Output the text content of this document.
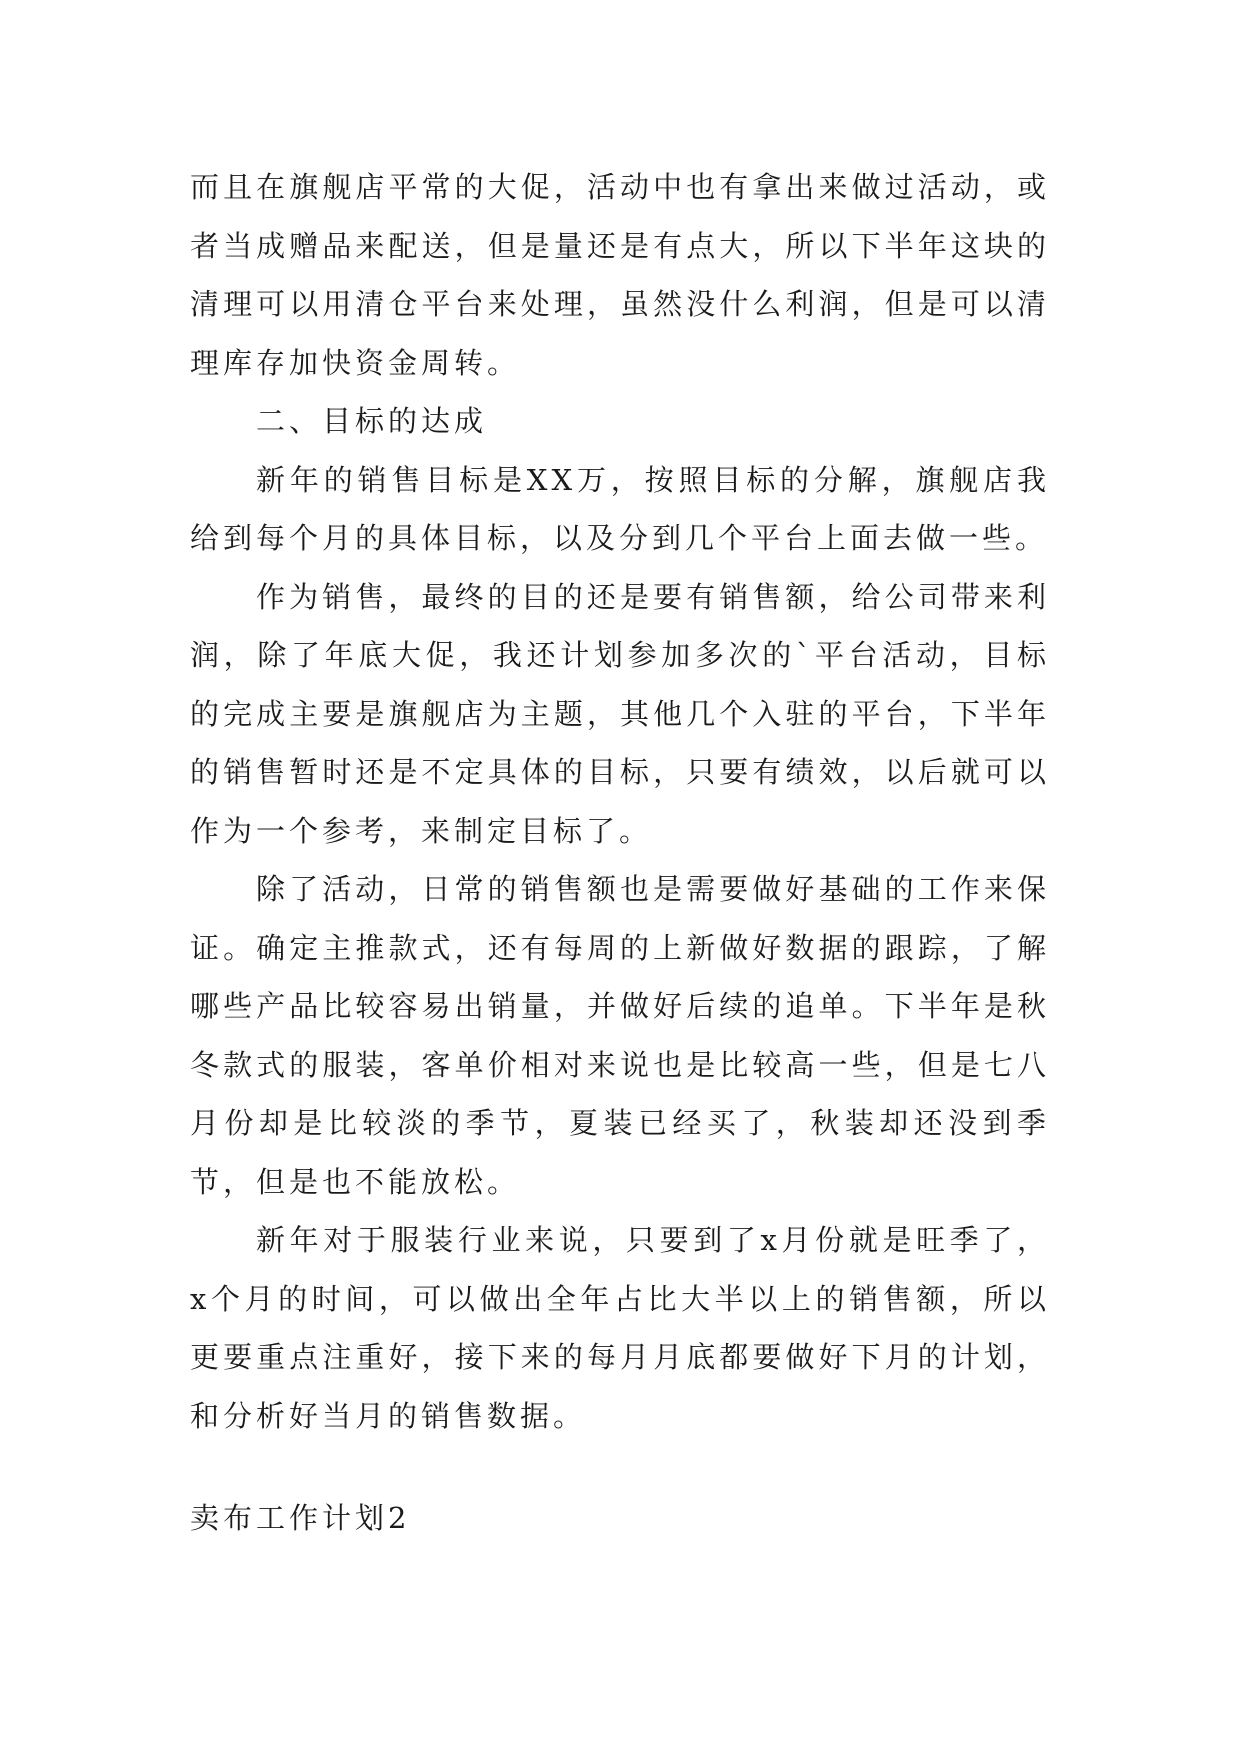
而且在旗舰店平常的大促，活动中也有拿出来做过活动，或者当成赠品来配送，但是量还是有点大，所以下半年这块的清理可以用清仓平台来处理，虽然没什么利润，但是可以清理库存加快资金周转。

二、目标的达成

新年的销售目标是XX万，按照目标的分解，旗舰店我给到每个月的具体目标，以及分到几个平台上面去做一些。

作为销售，最终的目的还是要有销售额，给公司带来利润，除了年底大促，我还计划参加多次的`平台活动，目标的完成主要是旗舰店为主题，其他几个入驻的平台，下半年的销售暂时还是不定具体的目标，只要有绩效，以后就可以作为一个参考，来制定目标了。

除了活动，日常的销售额也是需要做好基础的工作来保证。确定主推款式，还有每周的上新做好数据的跟踪，了解哪些产品比较容易出销量，并做好后续的追单。下半年是秋冬款式的服装，客单价相对来说也是比较高一些，但是七八月份却是比较淡的季节，夏装已经买了，秋装却还没到季节，但是也不能放松。

新年对于服装行业来说，只要到了x月份就是旺季了，x个月的时间，可以做出全年占比大半以上的销售额，所以更要重点注重好，接下来的每月月底都要做好下月的计划，和分析好当月的销售数据。

卖布工作计划2
